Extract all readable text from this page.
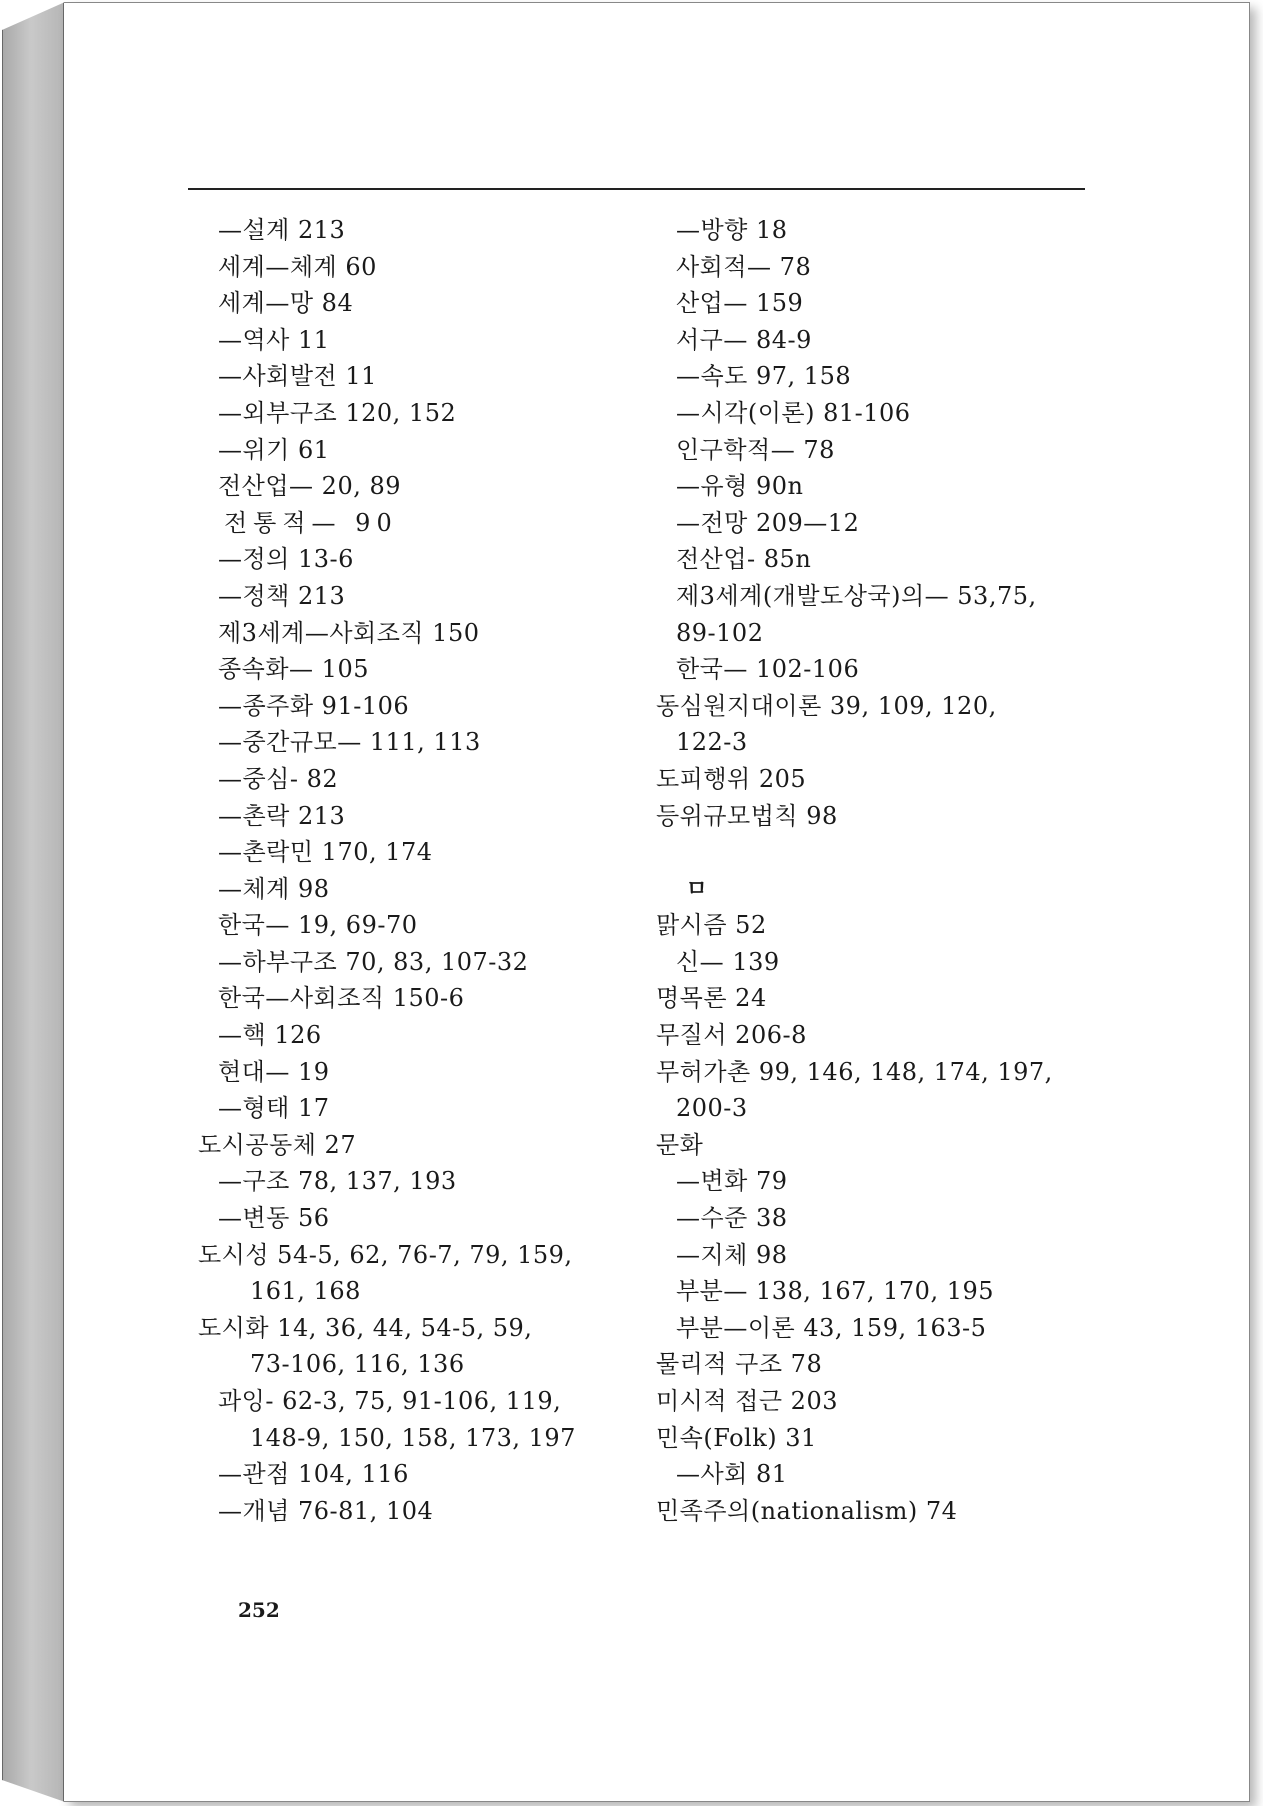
—설계 213
세계—체계 60
세계—망 84
—역사 11
—사회발전 11
—외부구조 120, 152
—위기 61
전산업— 20, 89
전통적— 90
—정의 13-6
—정책 213
제3세계—사회조직 150
종속화— 105
—종주화 91-106
—중간규모— 111, 113
—중심- 82
—촌락 213
—촌락민 170, 174
—체계 98
한국— 19, 69-70
—하부구조 70, 83, 107-32
한국—사회조직 150-6
—핵 126
현대— 19
—형태 17
도시공동체 27
—구조 78, 137, 193
—변동 56
도시성 54-5, 62, 76-7, 79, 159,
161, 168
도시화 14, 36, 44, 54-5, 59,
73-106, 116, 136
과잉- 62-3, 75, 91-106, 119,
148-9, 150, 158, 173, 197
—관점 104, 116
—개념 76-81, 104
—방향 18
사회적— 78
산업— 159
서구— 84-9
—속도 97, 158
—시각(이론) 81-106
인구학적— 78
—유형 90n
—전망 209—12
전산업- 85n
제3세계(개발도상국)의— 53,75,
89-102
한국— 102-106
동심원지대이론 39, 109, 120,
122-3
도피행위 205
등위규모법칙 98
ㅁ
맑시즘 52
신— 139
명목론 24
무질서 206-8
무허가촌 99, 146, 148, 174, 197,
200-3
문화
—변화 79
—수준 38
—지체 98
부분— 138, 167, 170, 195
부분—이론 43, 159, 163-5
물리적 구조 78
미시적 접근 203
민속(Folk) 31
—사회 81
민족주의(nationalism) 74
252
